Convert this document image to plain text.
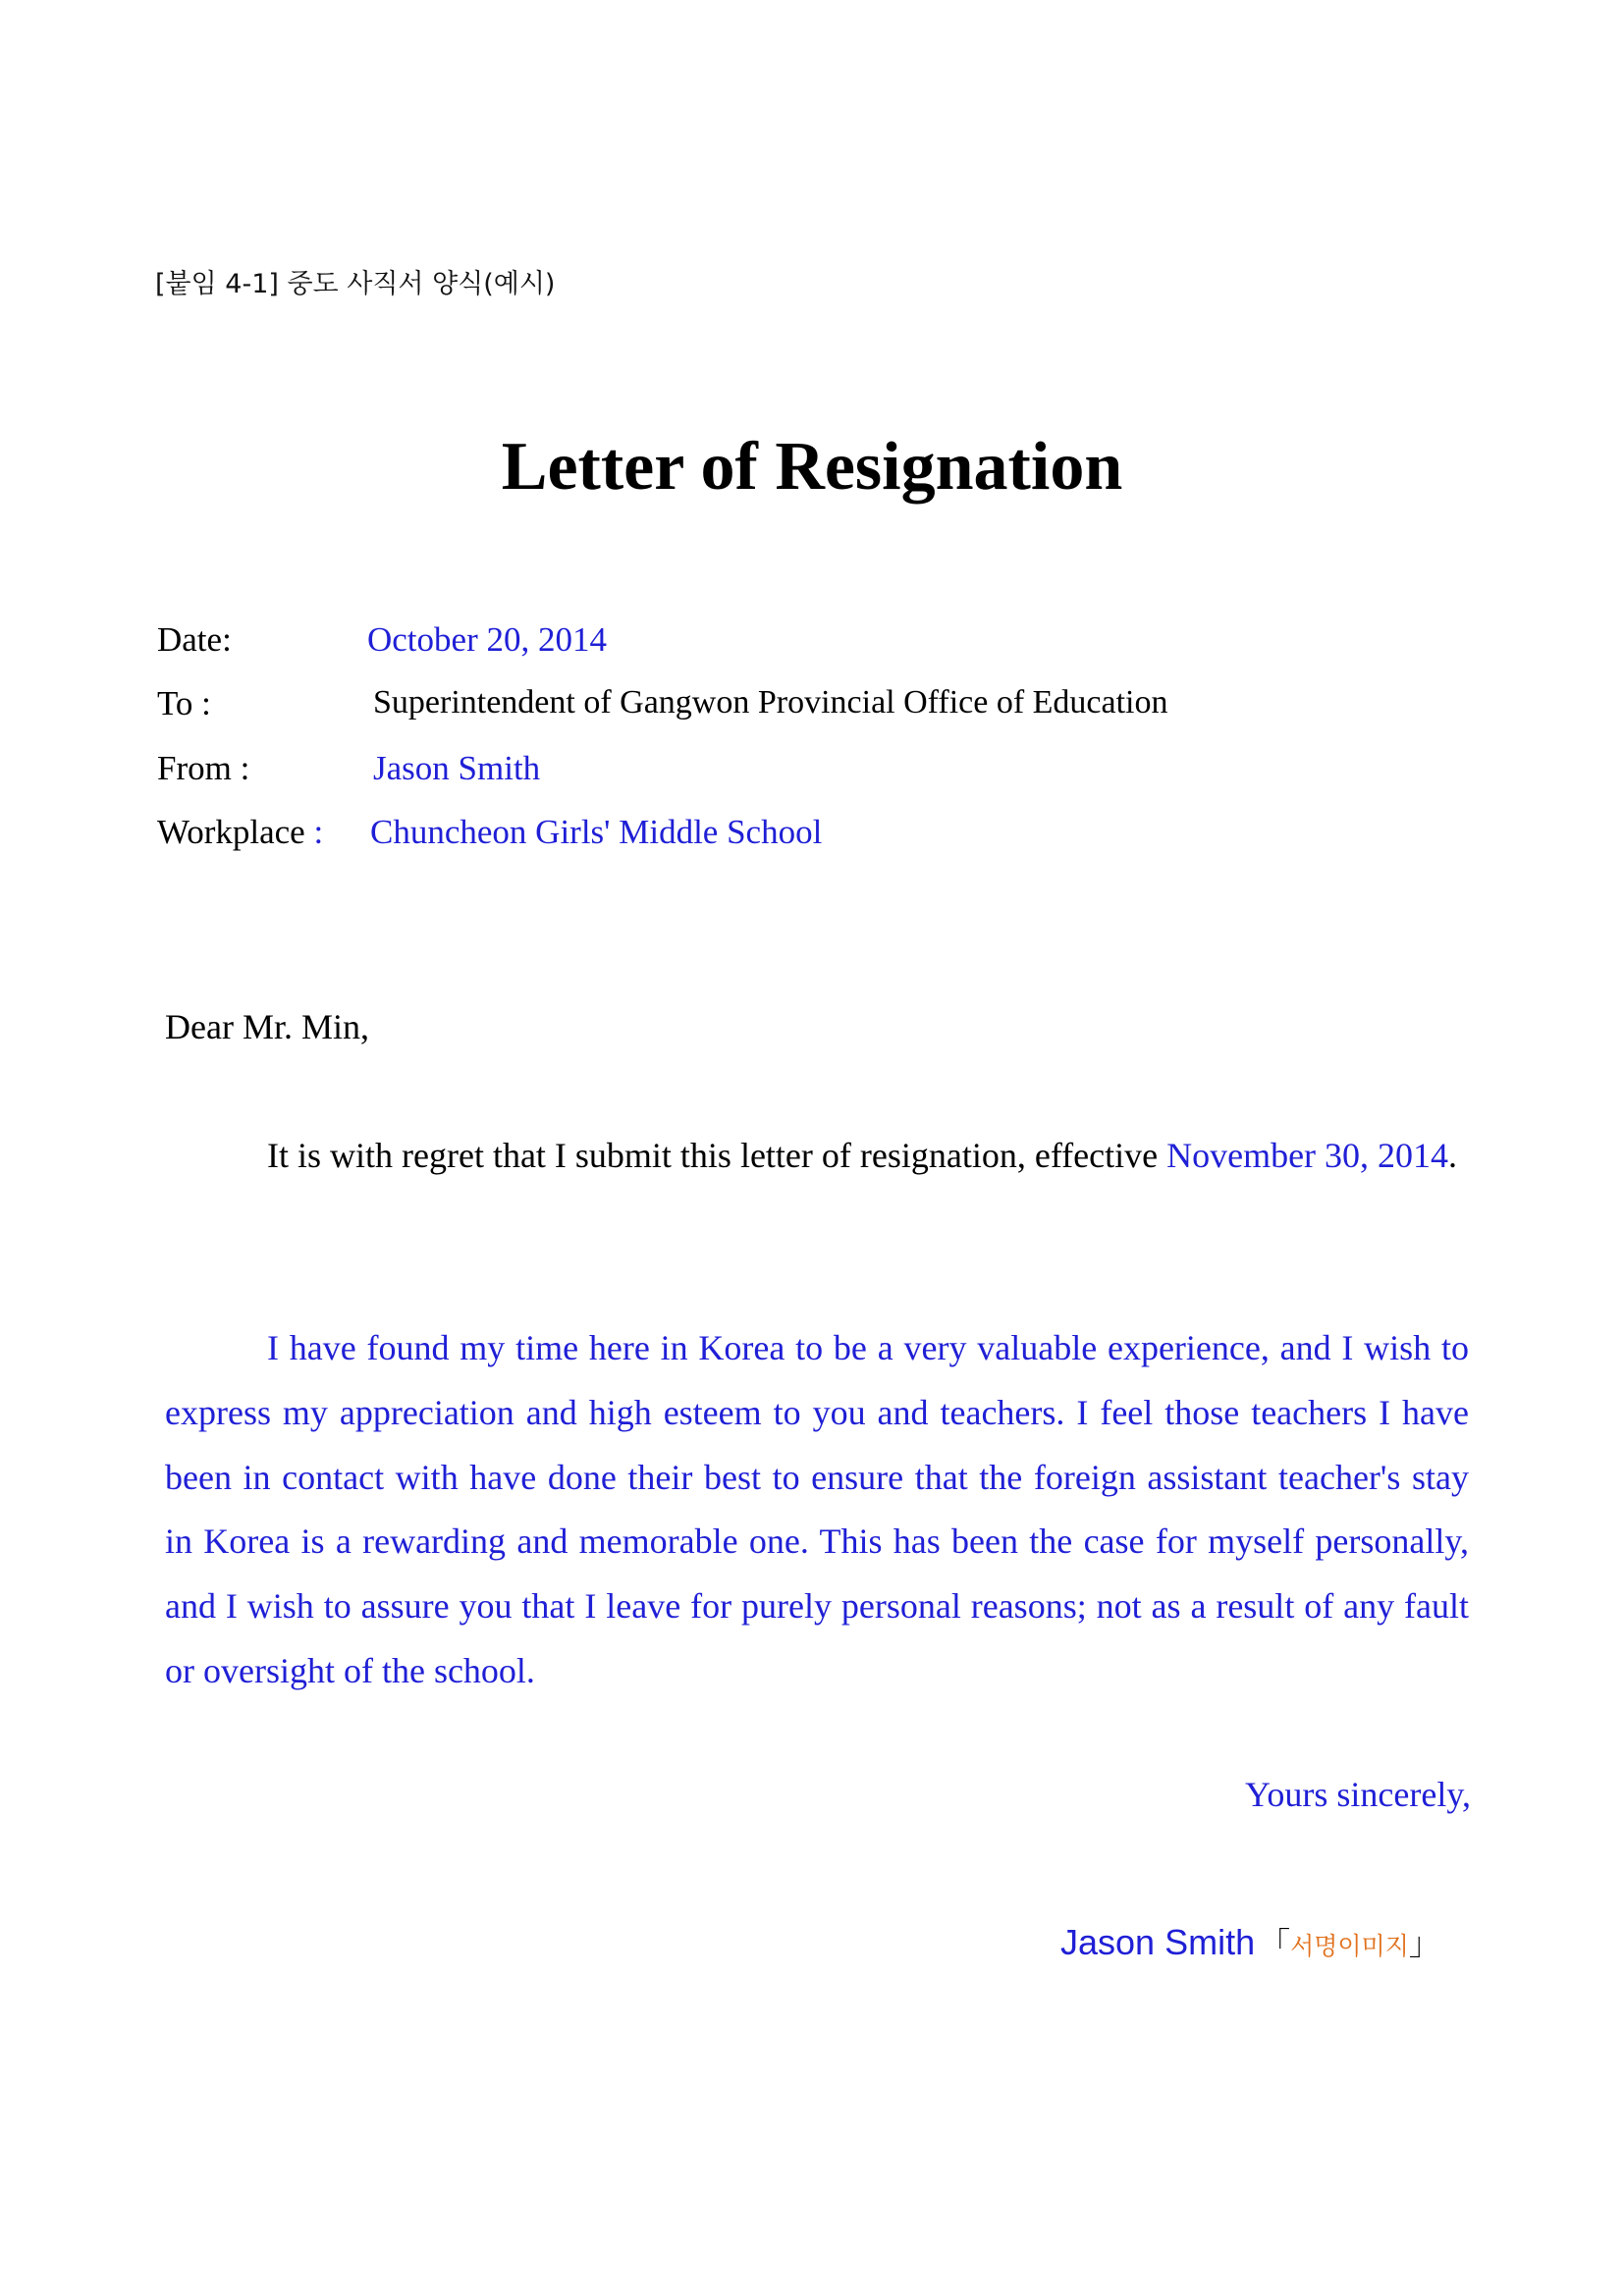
[붙임 4-1] 중도 사직서 양식(예시)
Letter of Resignation
Date:	October 20, 2014
To :	Superintendent of Gangwon Provincial Office of Education
From :	Jason Smith
Workplace : Chuncheon Girls' Middle School
Dear Mr. Min,
It is with regret that I submit this letter of resignation, effective November 30, 2014.
I have found my time here in Korea to be a very valuable experience, and I wish to
express my appreciation and high esteem to you and teachers. I feel those teachers I have
been in contact with have done their best to ensure that the foreign assistant teacher's stay
in Korea is a rewarding and memorable one. This has been the case for myself personally,
and I wish to assure you that I leave for purely personal reasons; not as a result of any fault
or oversight of the school.
Yours sincerely,
Jason Smith 「서명이미지」
